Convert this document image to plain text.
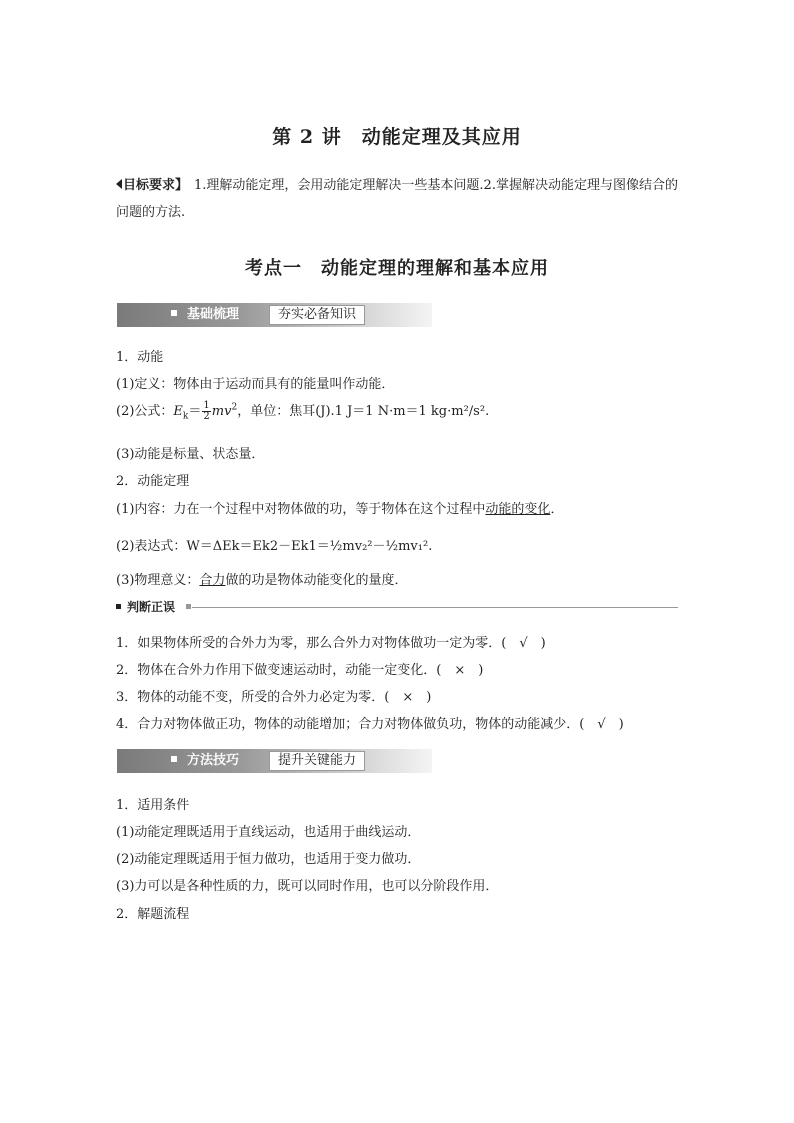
第 2 讲　动能定理及其应用
目标要求】 1.理解动能定理，会用动能定理解决一些基本问题.2.掌握解决动能定理与图像结合的问题的方法.
考点一　动能定理的理解和基本应用
基础梳理	夯实必备知识
1．动能
(1)定义：物体由于运动而具有的能量叫作动能．
(2)公式：$E_k= \frac{1}{2} mv^2$，单位：焦耳(J).1 J＝1 N·m＝1 kg·m²/s².
(3)动能是标量、状态量．
2．动能定理
(1)内容：力在一个过程中对物体做的功，等于物体在这个过程中动能的变化．
(2)表达式：W＝ΔEk＝Ek2－Ek1＝½mv₂²－½mv₁².
(3)物理意义：合力做的功是物体动能变化的量度．
判断正误
1．如果物体所受的合外力为零，那么合外力对物体做功一定为零．(　√　)
2．物体在合外力作用下做变速运动时，动能一定变化．(　×　)
3．物体的动能不变，所受的合外力必定为零．(　×　)
4．合力对物体做正功，物体的动能增加；合力对物体做负功，物体的动能减少．(　√　)
方法技巧	提升关键能力
1．适用条件
(1)动能定理既适用于直线运动，也适用于曲线运动．
(2)动能定理既适用于恒力做功，也适用于变力做功．
(3)力可以是各种性质的力，既可以同时作用，也可以分阶段作用．
2．解题流程
